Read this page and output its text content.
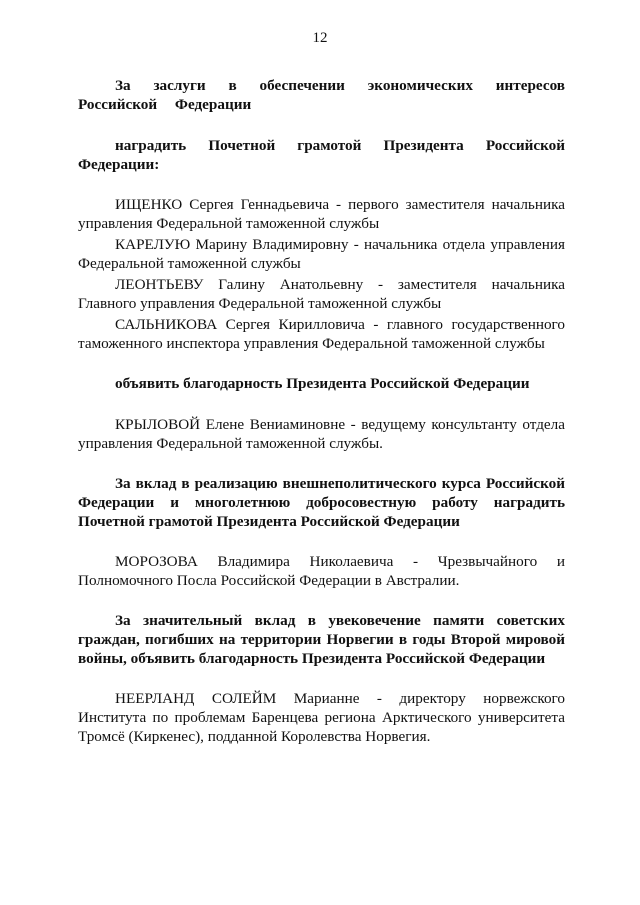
12

За заслуги в обеспечении экономических интересов Российской Федерации

наградить Почетной грамотой Президента Российской Федерации:

ИЩЕНКО Сергея Геннадьевича - первого заместителя начальника управления Федеральной таможенной службы

КАРЕЛУЮ Марину Владимировну - начальника отдела управления Федеральной таможенной службы

ЛЕОНТЬЕВУ Галину Анатольевну - заместителя начальника Главного управления Федеральной таможенной службы

САЛЬНИКОВА Сергея Кирилловича - главного государственного таможенного инспектора управления Федеральной таможенной службы

объявить благодарность Президента Российской Федерации

КРЫЛОВОЙ Елене Вениаминовне - ведущему консультанту отдела управления Федеральной таможенной службы.

За вклад в реализацию внешнеполитического курса Российской Федерации и многолетнюю добросовестную работу наградить Почетной грамотой Президента Российской Федерации

МОРОЗОВА Владимира Николаевича - Чрезвычайного и Полномочного Посла Российской Федерации в Австралии.

За значительный вклад в увековечение памяти советских граждан, погибших на территории Норвегии в годы Второй мировой войны, объявить благодарность Президента Российской Федерации

НЕЕРЛАНД СОЛЕЙМ Марианне - директору норвежского Института по проблемам Баренцева региона Арктического университета Тромсё (Киркенес), подданной Королевства Норвегия.
